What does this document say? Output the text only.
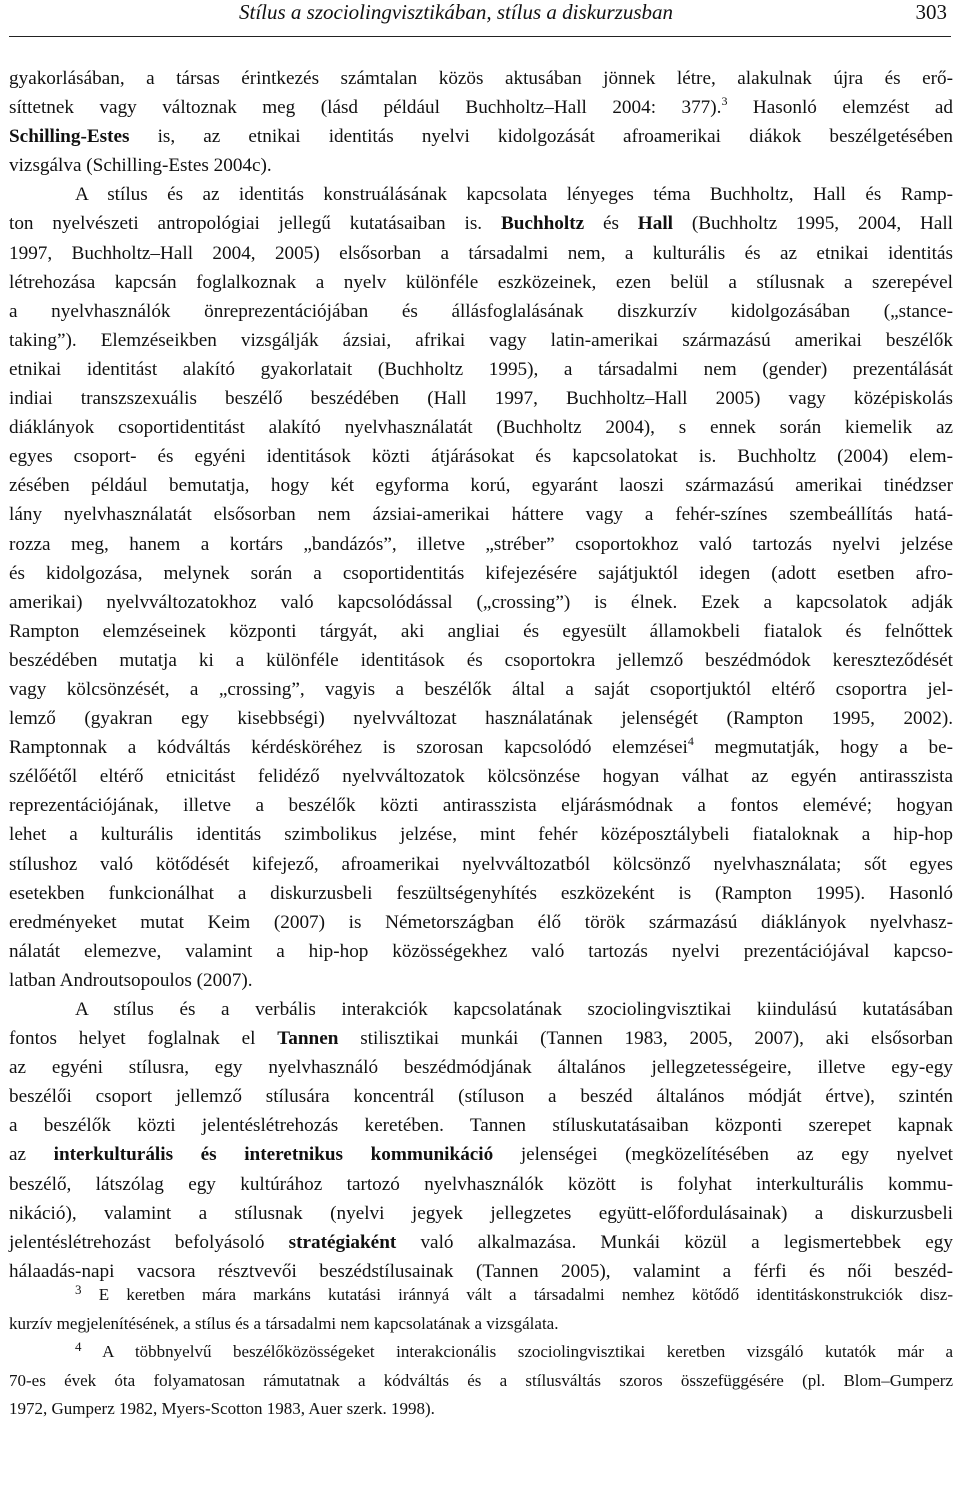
Stílus a szociolingvisztikában, stílus a diskurzusban	303
gyakorlásában, a társas érintkezés számtalan közös aktusában jönnek létre, alakulnak újra és erő-
síttetnek vagy változnak meg (lásd például Buchholtz–Hall 2004: 377).$^3$ Hasonló elemzést ad
Schilling-Estes is, az etnikai identitás nyelvi kidolgozását afroamerikai diákok beszélgetésében
vizsgálva (Schilling-Estes 2004c).
A stílus és az identitás konstruálásának kapcsolata lényeges téma Buchholtz, Hall és Ramp-
ton nyelvészeti antropológiai jellegű kutatásaiban is. Buchholtz és Hall (Buchholtz 1995, 2004, Hall
1997, Buchholtz–Hall 2004, 2005) elsősorban a társadalmi nem, a kulturális és az etnikai identitás
létrehozása kapcsán foglalkoznak a nyelv különféle eszközeinek, ezen belül a stílusnak a szerepével
a nyelvhasználók önreprezentációjában és állásfoglalásának diszkurzív kidolgozásában („stance-
taking”). Elemzéseikben vizsgálják ázsiai, afrikai vagy latin-amerikai származású amerikai beszélők
etnikai identitást alakító gyakorlatait (Buchholtz 1995), a társadalmi nem (gender) prezentálását
indiai transzszexuális beszélő beszédében (Hall 1997, Buchholtz–Hall 2005) vagy középiskolás
diáklányok csoportidentitást alakító nyelvhasználatát (Buchholtz 2004), s ennek során kiemelik az
egyes csoport- és egyéni identitások közti átjárásokat és kapcsolatokat is. Buchholtz (2004) elem-
zésében például bemutatja, hogy két egyforma korú, egyaránt laoszi származású amerikai tinédzser
lány nyelvhasználatát elsősorban nem ázsiai-amerikai háttere vagy a fehér-színes szembeállítás hatá-
rozza meg, hanem a kortárs „bandázós”, illetve „stréber” csoportokhoz való tartozás nyelvi jelzése
és kidolgozása, melynek során a csoportidentitás kifejezésére sajátjuktól idegen (adott esetben afro-
amerikai) nyelvváltozatokhoz való kapcsolódással („crossing”) is élnek. Ezek a kapcsolatok adják
Rampton elemzéseinek központi tárgyát, aki angliai és egyesült államokbeli fiatalok és felnőttek
beszédében mutatja ki a különféle identitások és csoportokra jellemző beszédmódok kereszteződését
vagy kölcsönzését, a „crossing”, vagyis a beszélők által a saját csoportjuktól eltérő csoportra jel-
lemző (gyakran egy kisebbségi) nyelvváltozat használatának jelenségét (Rampton 1995, 2002).
Ramptonnak a kódváltás kérdésköréhez is szorosan kapcsolódó elemzései$^4$ megmutatják, hogy a be-
szélőétől eltérő etnicitást felidéző nyelvváltozatok kölcsönzése hogyan válhat az egyén antirasszista
reprezentációjának, illetve a beszélők közti antirasszista eljárásmódnak a fontos elemévé; hogyan
lehet a kulturális identitás szimbolikus jelzése, mint fehér középosztálybeli fiataloknak a hip-hop
stílushoz való kötődését kifejező, afroamerikai nyelvváltozatból kölcsönző nyelvhasználata; sőt egyes
esetekben funkcionálhat a diskurzusbeli feszültségenyhítés eszközeként is (Rampton 1995). Hasonló
eredményeket mutat Keim (2007) is Németországban élő török származású diáklányok nyelvhasz-
nálatát elemezve, valamint a hip-hop közösségekhez való tartozás nyelvi prezentációjával kapcso-
latban Androutsopoulos (2007).
A stílus és a verbális interakciók kapcsolatának szociolingvisztikai kiindulású kutatásában
fontos helyet foglalnak el Tannen stilisztikai munkái (Tannen 1983, 2005, 2007), aki elsősorban
az egyéni stílusra, egy nyelvhasználó beszédmódjának általános jellegzetességeire, illetve egy-egy
beszélői csoport jellemző stílusára koncentrál (stíluson a beszéd általános módját értve), szintén
a beszélők közti jelentéslétrehozás keretében. Tannen stíluskutatásaiban központi szerepet kapnak
az interkulturális és interetnikus kommunikáció jelenségei (megközelítésében az egy nyelvet
beszélő, látszólag egy kultúrához tartozó nyelvhasználók között is folyhat interkulturális kommu-
nikáció), valamint a stílusnak (nyelvi jegyek jellegzetes együtt-előfordulásainak) a diskurzusbeli
jelentéslétrehozást befolyásoló stratégiaként való alkalmazása. Munkái közül a legismertebbek egy
hálaadás-napi vacsora résztvevői beszédstílusainak (Tannen 2005), valamint a férfi és női beszéd-
$^3$ E keretben mára markáns kutatási iránnyá vált a társadalmi nemhez kötődő identitáskonstrukciók disz-
kurzív megjelenítésének, a stílus és a társadalmi nem kapcsolatának a vizsgálata.
$^4$ A többnyelvű beszélőközösségeket interakcionális szociolingvisztikai keretben vizsgáló kutatók már a
70-es évek óta folyamatosan rámutatnak a kódváltás és a stílusváltás szoros összefüggésére (pl. Blom–Gumperz
1972, Gumperz 1982, Myers-Scotton 1983, Auer szerk. 1998).
